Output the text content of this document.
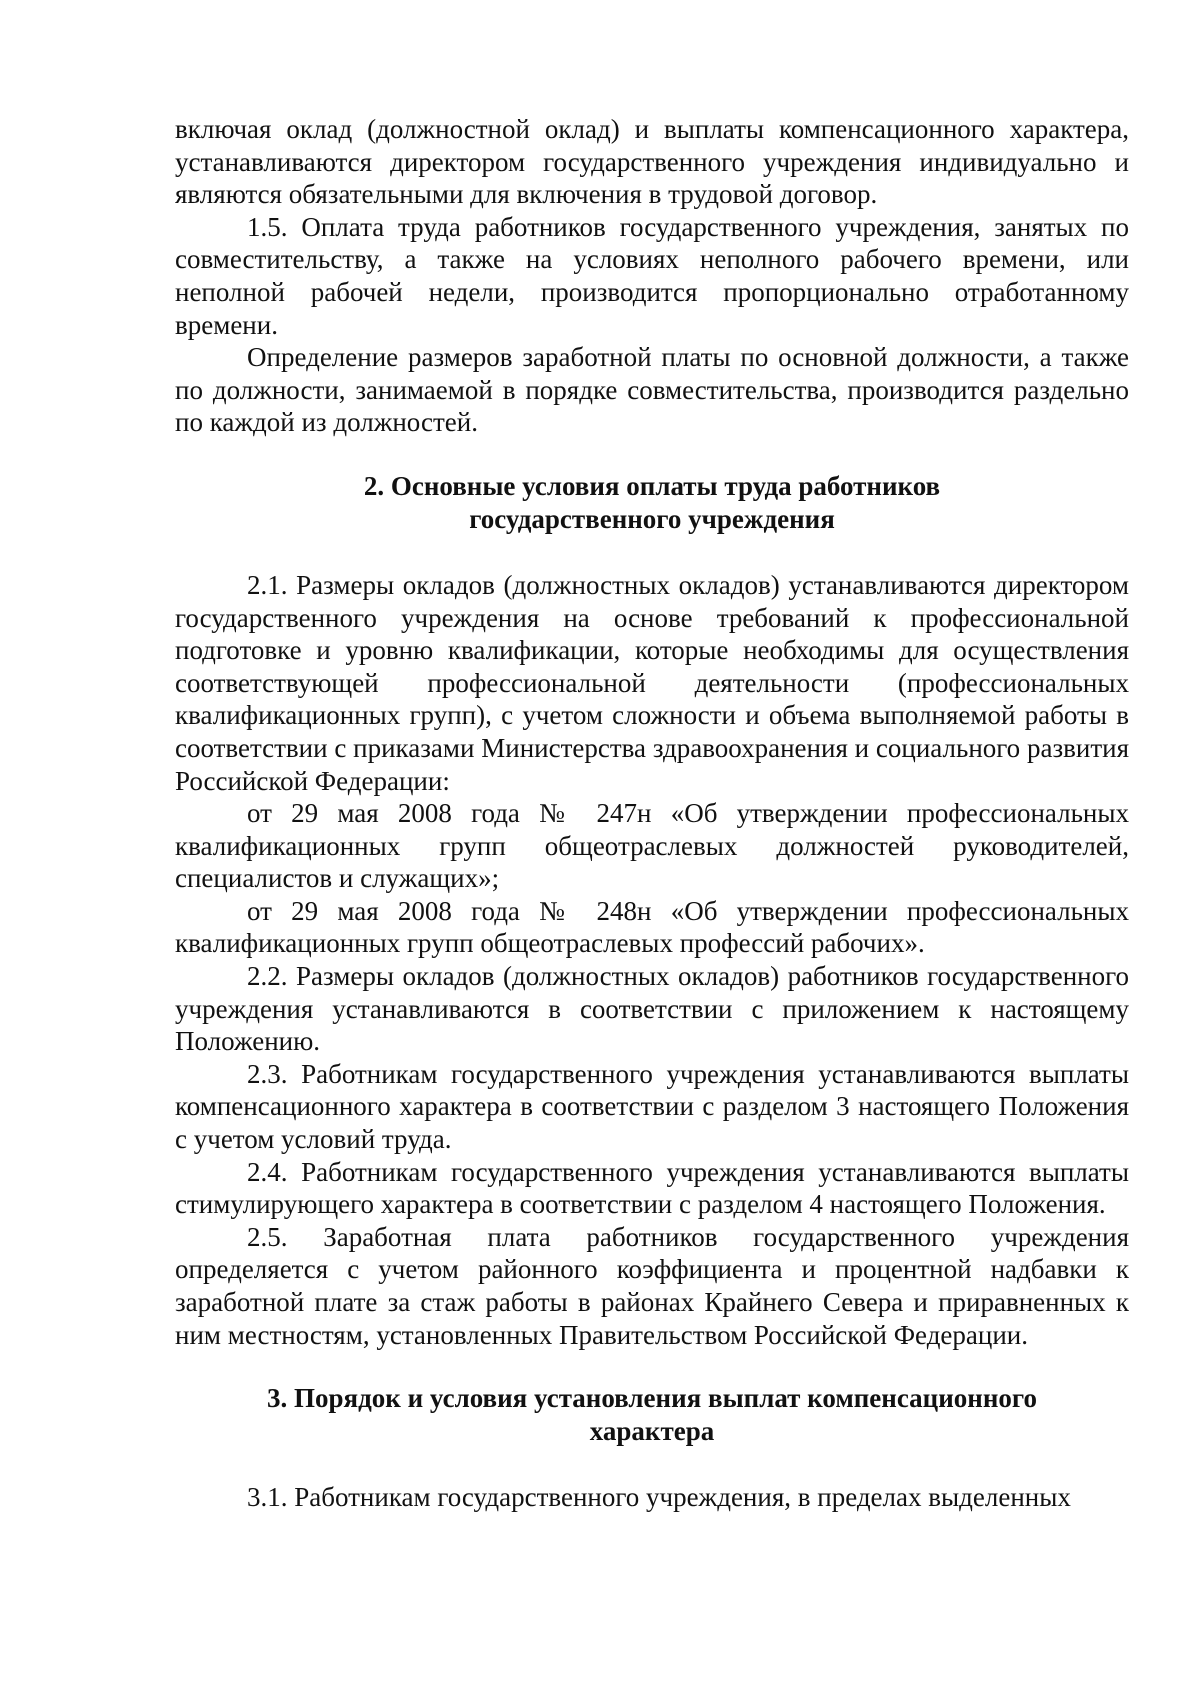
включая оклад (должностной оклад) и выплаты компенсационного характера, устанавливаются директором государственного учреждения индивидуально и являются обязательными для включения в трудовой договор.

1.5. Оплата труда работников государственного учреждения, занятых по совместительству, а также на условиях неполного рабочего времени, или неполной рабочей недели, производится пропорционально отработанному времени.

Определение размеров заработной платы по основной должности, а также по должности, занимаемой в порядке совместительства, производится раздельно по каждой из должностей.

2. Основные условия оплаты труда работников
государственного учреждения

2.1. Размеры окладов (должностных окладов) устанавливаются директором государственного учреждения на основе требований к профессиональной подготовке и уровню квалификации, которые необходимы для осуществления соответствующей профессиональной деятельности (профессиональных квалификационных групп), с учетом сложности и объема выполняемой работы в соответствии с приказами Министерства здравоохранения и социального развития Российской Федерации:

от 29 мая 2008 года № 247н «Об утверждении профессиональных квалификационных групп общеотраслевых должностей руководителей, специалистов и служащих»;

от 29 мая 2008 года № 248н «Об утверждении профессиональных квалификационных групп общеотраслевых профессий рабочих».

2.2. Размеры окладов (должностных окладов) работников государственного учреждения устанавливаются в соответствии с приложением к настоящему Положению.

2.3. Работникам государственного учреждения устанавливаются выплаты компенсационного характера в соответствии с разделом 3 настоящего Положения с учетом условий труда.

2.4. Работникам государственного учреждения устанавливаются выплаты стимулирующего характера в соответствии с разделом 4 настоящего Положения.

2.5. Заработная плата работников государственного учреждения определяется с учетом районного коэффициента и процентной надбавки к заработной плате за стаж работы в районах Крайнего Севера и приравненных к ним местностям, установленных Правительством Российской Федерации.

3. Порядок и условия установления выплат компенсационного
характера

3.1. Работникам государственного учреждения, в пределах выделенных
